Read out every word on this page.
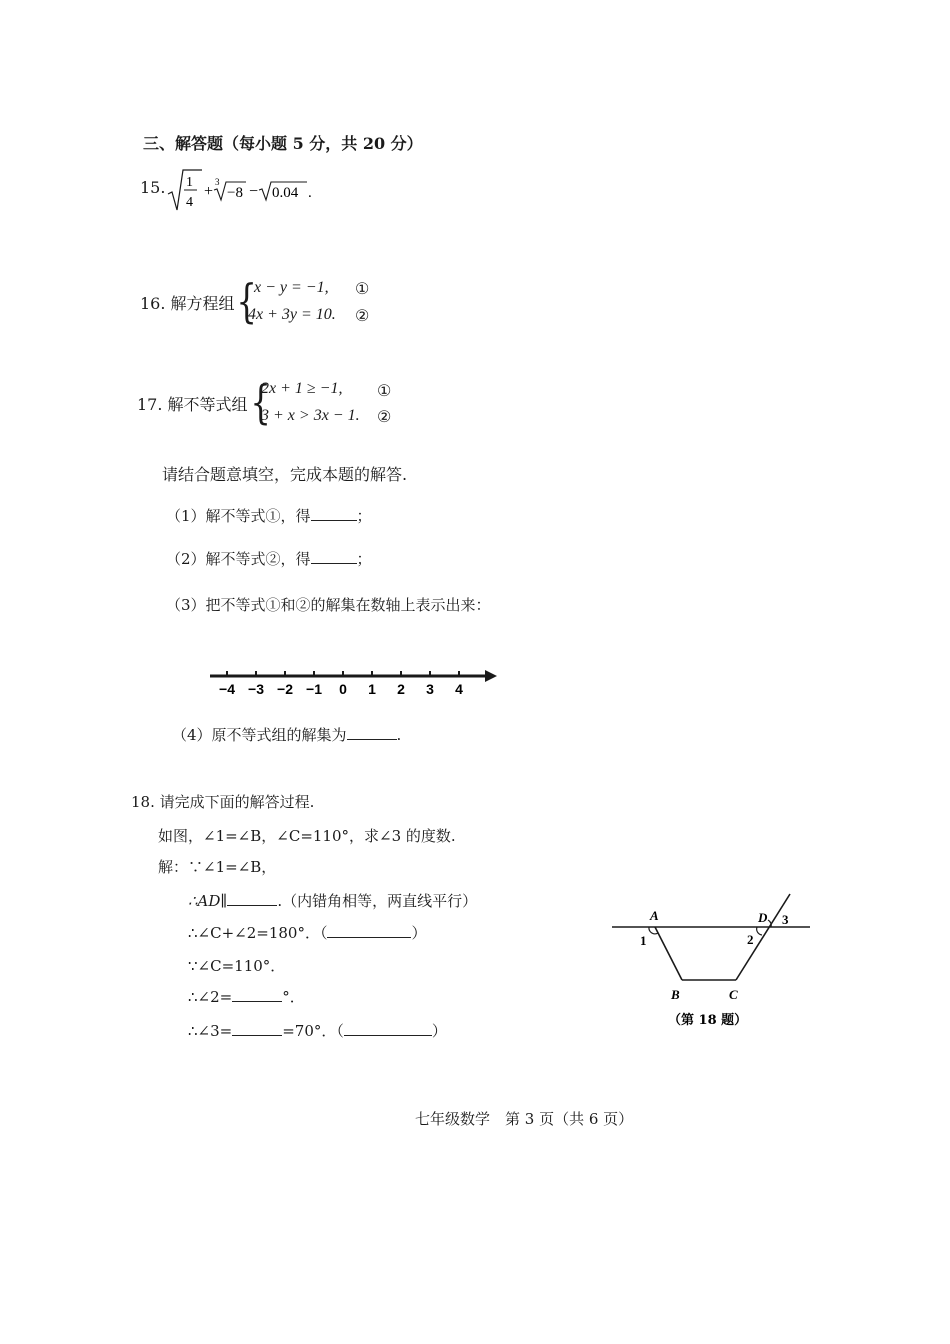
三、解答题（每小题 5 分，共 20 分）
15. 1
4
+
3
−8 − 0.04 .
16. 解方程组 {
x − y = −1, ①
4x + 3y = 10. ②
17. 解不等式组 {
2x + 1 ≥ −1, ①
3 + x > 3x − 1. ②
请结合题意填空，完成本题的解答.
（1）解不等式①，得	；
（2）解不等式②，得	；
（3）把不等式①和②的解集在数轴上表示出来：
−4 −3 −2 −1 0 1 2 3 4
（4）原不等式组的解集为	.
18. 请完成下面的解答过程.
如图，∠1=∠B，∠C=110°，求∠3 的度数.
解：∵∠1=∠B，
∴AD∥	.（内错角相等，两直线平行）
∴∠C+∠2=180°．（	）
∵∠C=110°．
∴∠2=	°．
∴∠3=	=70°．（	）
A
1
D 3
2
B	C
（第 18 题）
七年级数学　第 3 页（共 6 页）
